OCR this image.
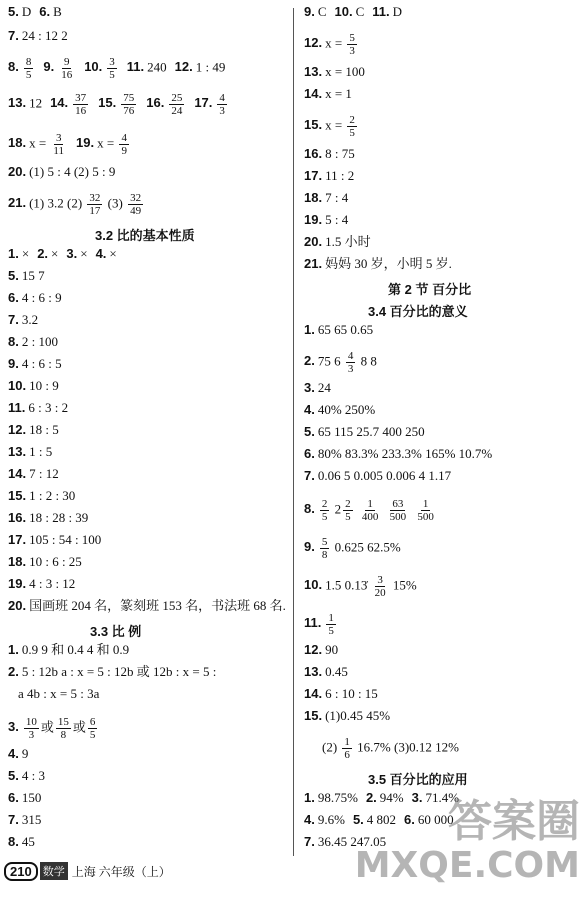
5. D 6. B
7. 24 : 12 2
8. $\frac{8}{5} 9$. $\frac{9}{16} 10$. $\frac{3}{5} 11$. 240 12. 1 : 49
13. 12 14. $\frac{37}{16} 15$. $\frac{75}{76} 16$. $\frac{25}{24} 17$. $\frac{4}{3}$
18. $x = \frac{3}{11} 19$. $x = \frac{4}{9}$
20. (1) 5 : 4 (2) 5 : 9
21. (1) 3.2 $(2) \frac{32}{17} (3) \frac{32}{49}$
3.2 比的基本性质
1. × 2. × 3. × 4. ×
5. 15 7
6. 4 : 6 : 9
7. 3.2
8. 2 : 100
9. 4 : 6 : 5
10. 10 : 9
11. 6 : 3 : 2
12. 18 : 5
13. 1 : 5
14. 7 : 12
15. 1 : 2 : 30
16. 18 : 28 : 39
17. 105 : 54 : 100
18. 10 : 6 : 25
19. 4 : 3 : 12
20. 国画班 204 名，篆刻班 153 名，书法班 68 名.
3.3 比 例
1. 0.9 9 和 0.4 4 和 0.9
2. 5 : 12b a : x = 5 : 12b 或 12b : x = 5 :
a 4b : x = 5 : 3a
3. $\frac{10}{3}$ 或 $\frac{15}{8}$ 或 $\frac{6}{5}$
4. 9
5. 4 : 3
6. 150
7. 315
8. 45
9. C 10. C 11. D
12. $x = \frac{5}{3}$
13. x = 100
14. x = 1
15. $x = \frac{2}{5}$
16. 8 : 75
17. 11 : 2
18. 7 : 4
19. 5 : 4
20. 1.5 小时
21. 妈妈 30 岁，小明 5 岁.
第 2 节 百分比
3.4 百分比的意义
1. 65 65 0.65
2. 75 $6 \frac{4}{3} 8$ 8
3. 24
4. 40% 250%
5. 65 115 25.7 400 250
6. 80% 83.3% 233.3% 165% 10.7%
7. 0.06 5 0.005 0.006 4 1.17
8. $\frac{2}{5} 2 \frac{2}{5}$
$\frac{1}{400}$
$\frac{63}{500}$
$\frac{1}{500}$
9. $\frac{5}{8} 0.625$ 62.5%
10. 1.5 0.13̇ $\frac{3}{20} 15\%$
11. $\frac{1}{5}$
12. 90
13. 0.45
14. 6 : 10 : 15
15. (1)0.45 45%
$(2) \frac{1}{6} 16.7\%$ (3)0.12 12%
3.5 百分比的应用
1. 98.75% 2. 94% 3. 71.4%
4. 9.6% 5. 4 802 6. 60 000
7. 36.45 247.05
210	数学 上海 六年级（上）
答案圈
MXQE.COM
